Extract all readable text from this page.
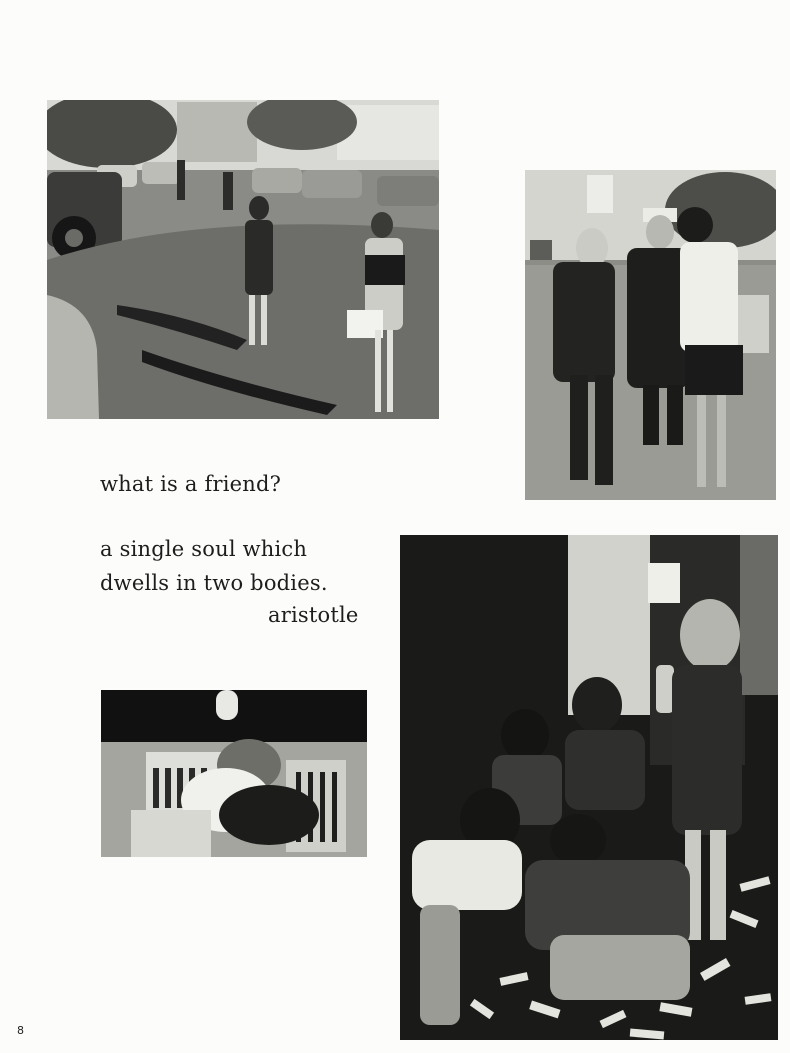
what is a friend?

a single soul which

dwells in two bodies.

aristotle

8
